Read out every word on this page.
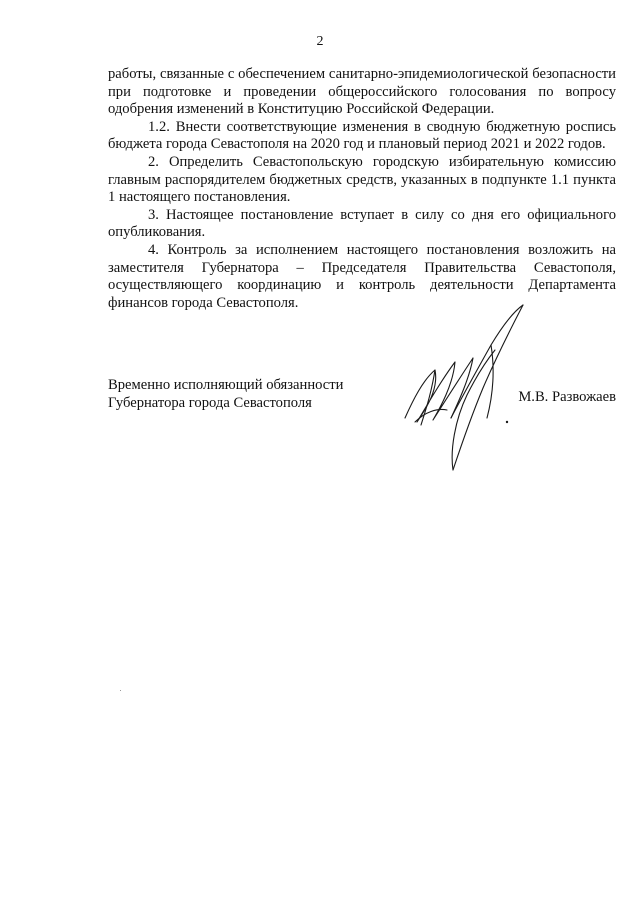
2

работы, связанные с обеспечением санитарно-эпидемиологической безопасности при подготовке и проведении общероссийского голосования по вопросу одобрения изменений в Конституцию Российской Федерации.

1.2. Внести соответствующие изменения в сводную бюджетную роспись бюджета города Севастополя на 2020 год и плановый период 2021 и 2022 годов.

2. Определить Севастопольскую городскую избирательную комиссию главным распорядителем бюджетных средств, указанных в подпункте 1.1 пункта 1 настоящего постановления.

3. Настоящее постановление вступает в силу со дня его официального опубликования.

4. Контроль за исполнением настоящего постановления возложить на заместителя Губернатора – Председателя Правительства Севастополя, осуществляющего координацию и контроль деятельности Департамента финансов города Севастополя.

Временно исполняющий обязанности
Губернатора города Севастополя	М.В. Развожаев
